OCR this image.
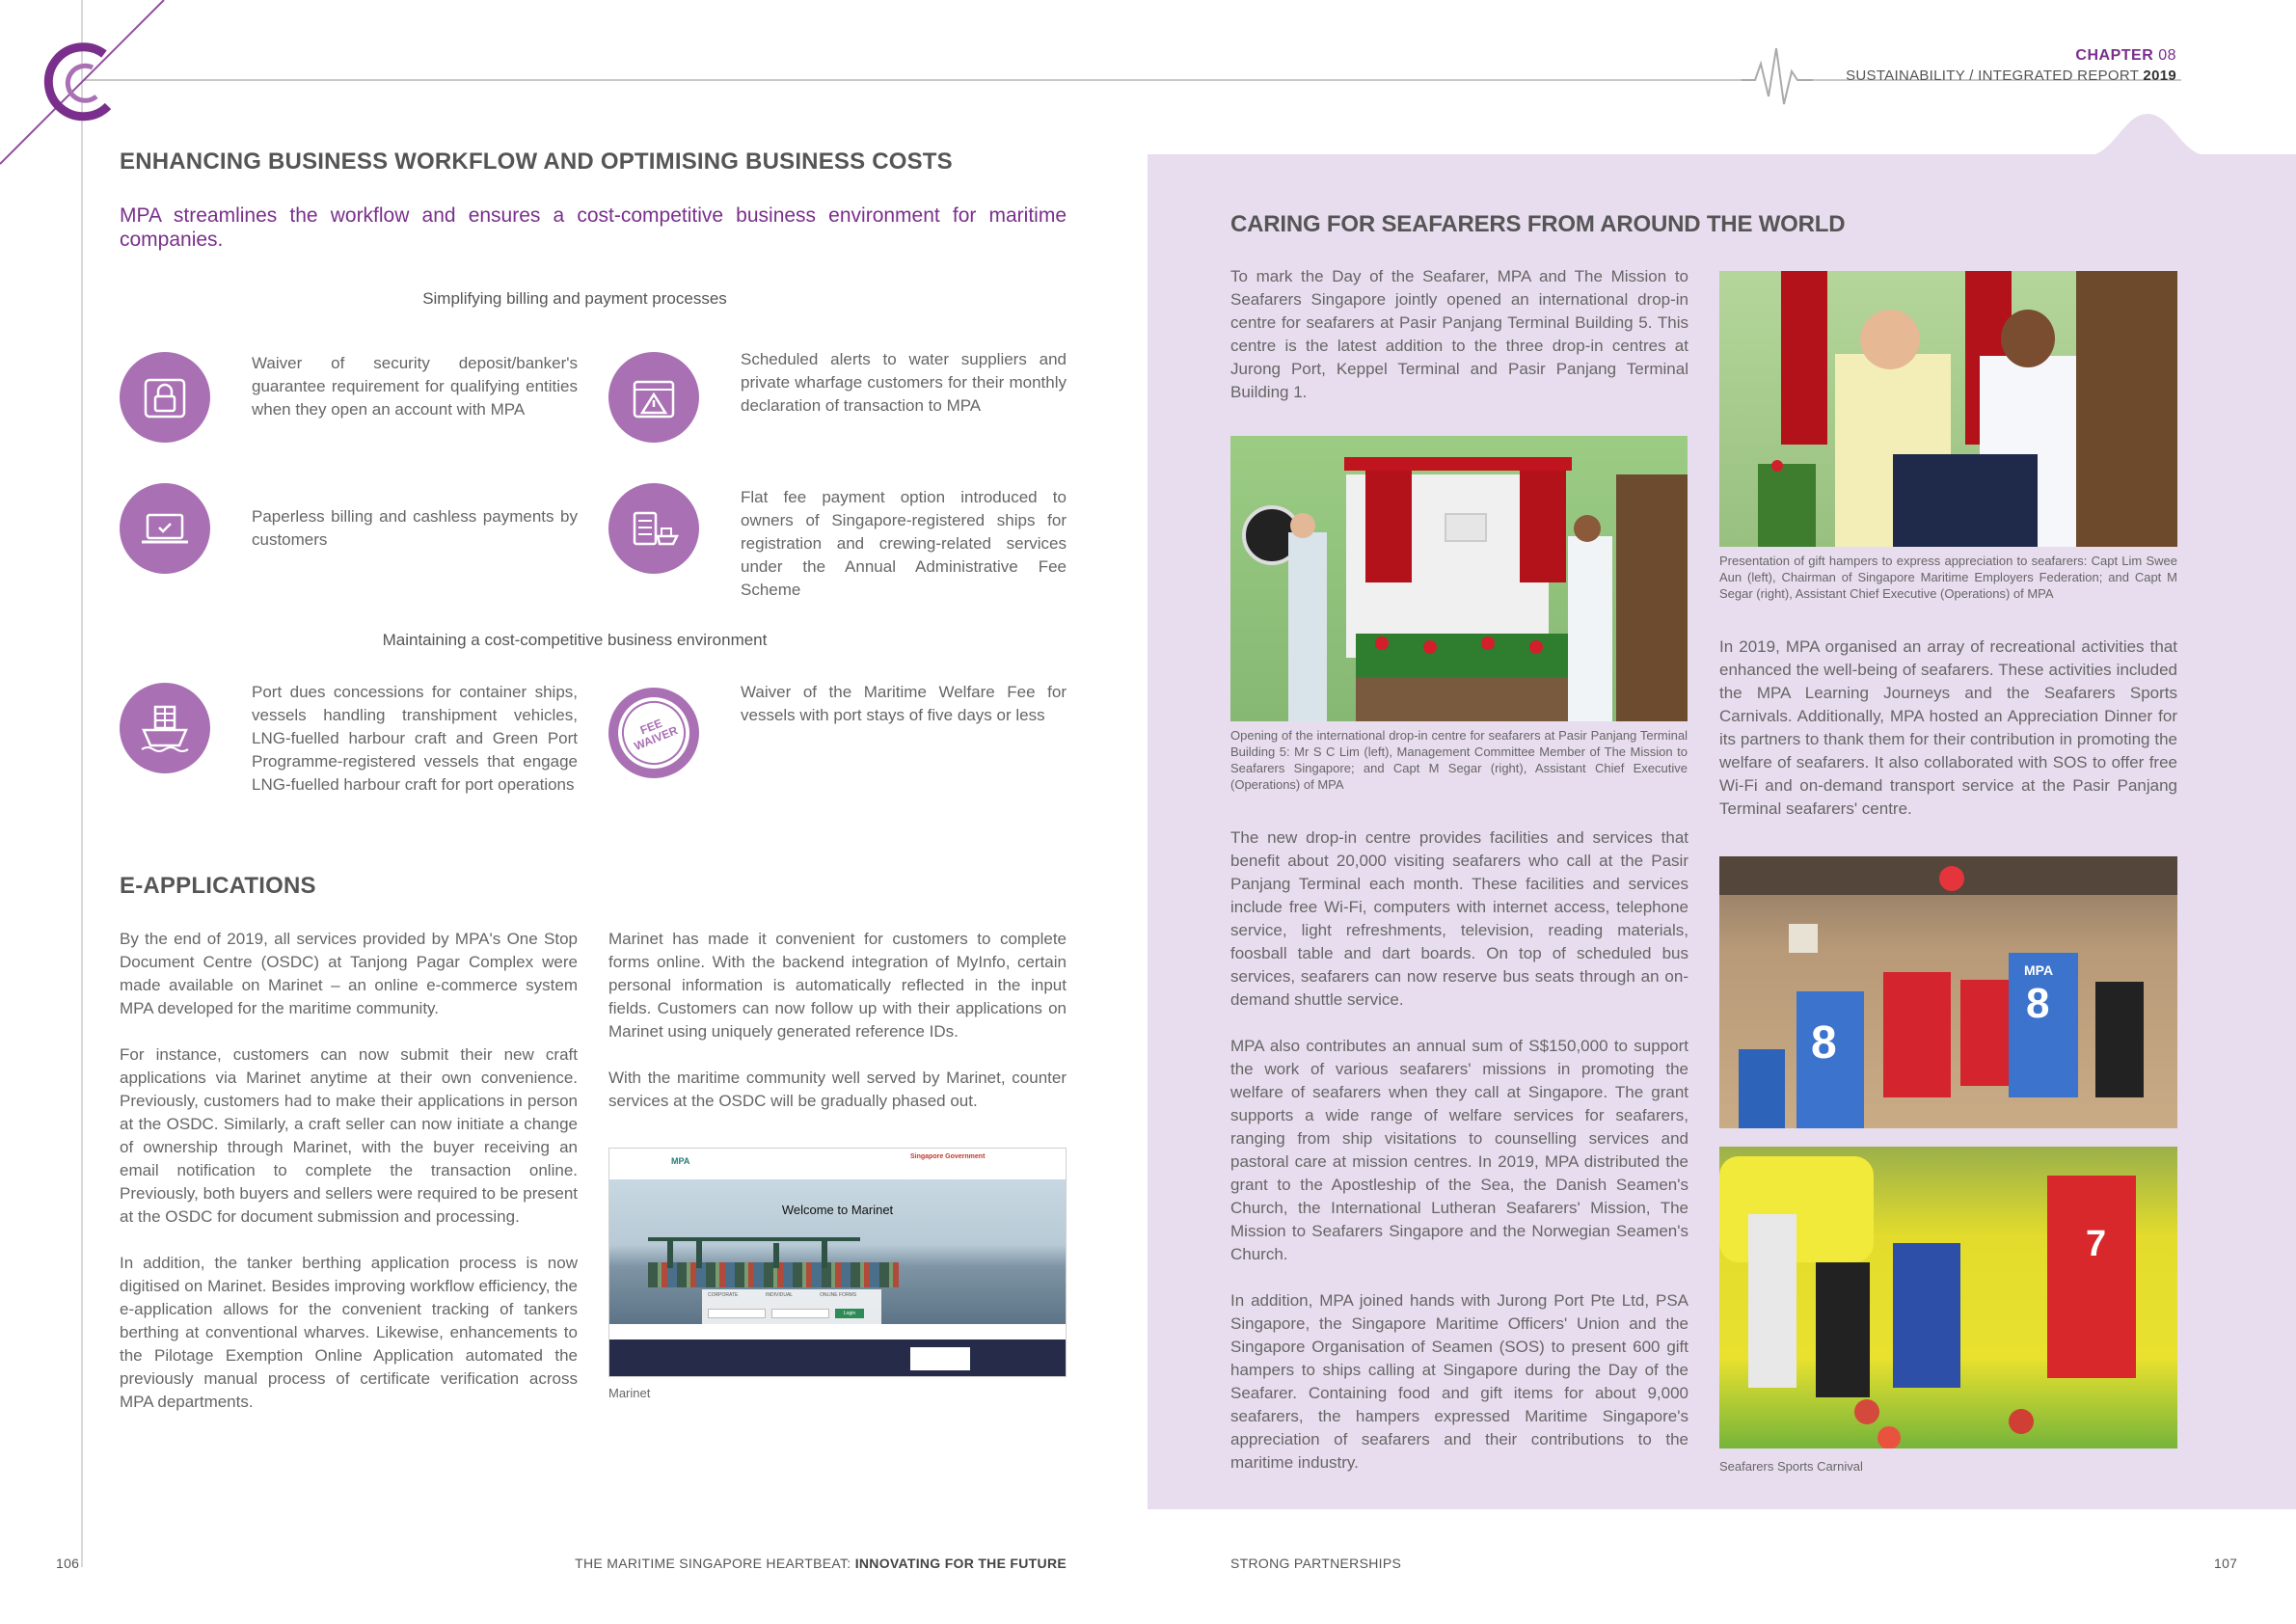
CHAPTER 08
SUSTAINABILITY / INTEGRATED REPORT 2019
ENHANCING BUSINESS WORKFLOW AND OPTIMISING BUSINESS COSTS
MPA streamlines the workflow and ensures a cost-competitive business environment for maritime companies.
Simplifying billing and payment processes
Waiver of security deposit/banker's guarantee requirement for qualifying entities when they open an account with MPA
Scheduled alerts to water suppliers and private wharfage customers for their monthly declaration of transaction to MPA
Paperless billing and cashless payments by customers
Flat fee payment option introduced to owners of Singapore-registered ships for registration and crewing-related services under the Annual Administrative Fee Scheme
Maintaining a cost-competitive business environment
Port dues concessions for container ships, vessels handling transhipment vehicles, LNG-fuelled harbour craft and Green Port Programme-registered vessels that engage LNG-fuelled harbour craft for port operations
FEE WAIVER
Waiver of the Maritime Welfare Fee for vessels with port stays of five days or less
E-APPLICATIONS

By the end of 2019, all services provided by MPA's One Stop Document Centre (OSDC) at Tanjong Pagar Complex were made available on Marinet – an online e-commerce system MPA developed for the maritime community.

For instance, customers can now submit their new craft applications via Marinet anytime at their own convenience. Previously, customers had to make their applications in person at the OSDC. Similarly, a craft seller can now initiate a change of ownership through Marinet, with the buyer receiving an email notification to complete the transaction online. Previously, both buyers and sellers were required to be present at the OSDC for document submission and processing.

In addition, the tanker berthing application process is now digitised on Marinet. Besides improving workflow efficiency, the e-application allows for the convenient tracking of tankers berthing at conventional wharves. Likewise, enhancements to the Pilotage Exemption Online Application automated the previously manual process of certificate verification across MPA departments.

Marinet has made it convenient for customers to complete forms online. With the backend integration of MyInfo, certain personal information is automatically reflected in the input fields. Customers can now follow up with their applications on Marinet using uniquely generated reference IDs.

With the maritime community well served by Marinet, counter services at the OSDC will be gradually phased out.

MPA	Singapore Government
Welcome to Marinet
CORPORATE	INDIVIDUAL	ONLINE FORMS
Login
Marinet
CARING FOR SEAFARERS FROM AROUND THE WORLD
To mark the Day of the Seafarer, MPA and The Mission to Seafarers Singapore jointly opened an international drop-in centre for seafarers at Pasir Panjang Terminal Building 5. This centre is the latest addition to the three drop-in centres at Jurong Port, Keppel Terminal and Pasir Panjang Terminal Building 1.
Opening of the international drop-in centre for seafarers at Pasir Panjang Terminal Building 5: Mr S C Lim (left), Management Committee Member of The Mission to Seafarers Singapore; and Capt M Segar (right), Assistant Chief Executive (Operations) of MPA
The new drop-in centre provides facilities and services that benefit about 20,000 visiting seafarers who call at the Pasir Panjang Terminal each month. These facilities and services include free Wi-Fi, computers with internet access, telephone service, light refreshments, television, reading materials, foosball table and dart boards. On top of scheduled bus services, seafarers can now reserve bus seats through an on-demand shuttle service.
MPA also contributes an annual sum of S$150,000 to support the work of various seafarers' missions in promoting the welfare of seafarers when they call at Singapore. The grant supports a wide range of welfare services for seafarers, ranging from ship visitations to counselling services and pastoral care at mission centres. In 2019, MPA distributed the grant to the Apostleship of the Sea, the Danish Seamen's Church, the International Lutheran Seafarers' Mission, The Mission to Seafarers Singapore and the Norwegian Seamen's Church.
In addition, MPA joined hands with Jurong Port Pte Ltd, PSA Singapore, the Singapore Maritime Officers' Union and the Singapore Organisation of Seamen (SOS) to present 600 gift hampers to ships calling at Singapore during the Day of the Seafarer. Containing food and gift items for about 9,000 seafarers, the hampers expressed Maritime Singapore's appreciation of seafarers and their contributions to the maritime industry.
Presentation of gift hampers to express appreciation to seafarers: Capt Lim Swee Aun (left), Chairman of Singapore Maritime Employers Federation; and Capt M Segar (right), Assistant Chief Executive (Operations) of MPA
In 2019, MPA organised an array of recreational activities that enhanced the well-being of seafarers. These activities included the MPA Learning Journeys and the Seafarers Sports Carnivals. Additionally, MPA hosted an Appreciation Dinner for its partners to thank them for their contribution in promoting the welfare of seafarers. It also collaborated with SOS to offer free Wi-Fi and on-demand transport service at the Pasir Panjang Terminal seafarers' centre.
8
MPA
8
7
Seafarers Sports Carnival
106	THE MARITIME SINGAPORE HEARTBEAT: INNOVATING FOR THE FUTURE	STRONG PARTNERSHIPS	107
